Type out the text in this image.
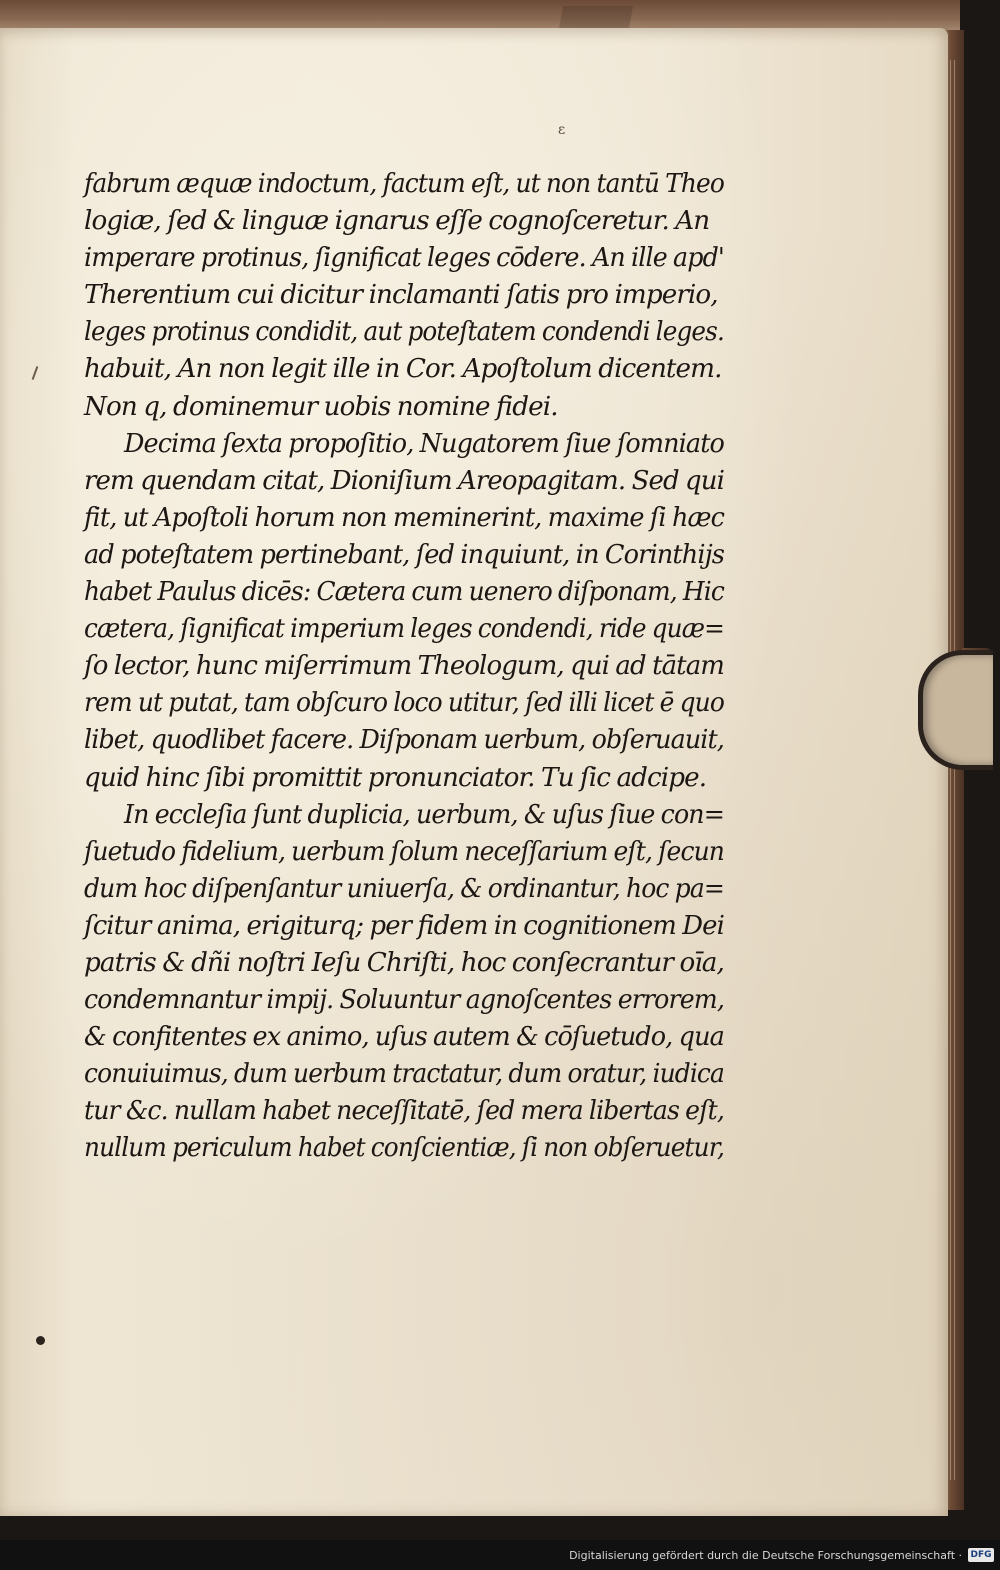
ɛ
fabrum æquæ indoctum, factum eſt, ut non tantū Theo
logiæ, ſed & linguæ ignarus eſſe cognoſceretur. An
imperare protinus, ſignificat leges cōdere. An ille apd'
Therentium cui dicitur inclamanti ſatis pro imperio,
leges protinus condidit, aut poteſtatem condendi leges.
habuit, An non legit ille in Cor. Apoſtolum dicentem.
Non q, dominemur uobis nomine fidei.
Decima ſexta propoſitio, Nugatorem ſiue ſomniato
rem quendam citat, Dioniſium Areopagitam. Sed qui
fit, ut Apoſtoli horum non meminerint, maxime ſi hæc
ad poteſtatem pertinebant, ſed inquiunt, in Corinthijs
habet Paulus dicēs: Cætera cum uenero diſponam, Hic
cætera, ſignificat imperium leges condendi, ride quæ=
ſo lector, hunc miſerrimum Theologum, qui ad tātam
rem ut putat, tam obſcuro loco utitur, ſed illi licet ē quo
libet, quodlibet facere. Diſponam uerbum, obſeruauit,
quid hinc ſibi promittit pronunciator. Tu ſic adcipe.
In eccleſia ſunt duplicia, uerbum, & uſus ſiue con=
ſuetudo fidelium, uerbum ſolum neceſſarium eſt, ſecun
dum hoc diſpenſantur uniuerſa, & ordinantur, hoc pa=
ſcitur anima, erigiturq; per fidem in cognitionem Dei
patris & dñi noſtri Ieſu Chriſti, hoc conſecrantur oīa,
condemnantur impij. Soluuntur agnoſcentes errorem,
& confitentes ex animo, uſus autem & cōſuetudo, qua
conuiuimus, dum uerbum tractatur, dum oratur, iudica
tur &c. nullam habet neceſſitatē, ſed mera libertas eſt,
nullum periculum habet conſcientiæ, ſi non obſeruetur,
Digitalisierung gefördert durch die Deutsche Forschungsgemeinschaft · DFG
